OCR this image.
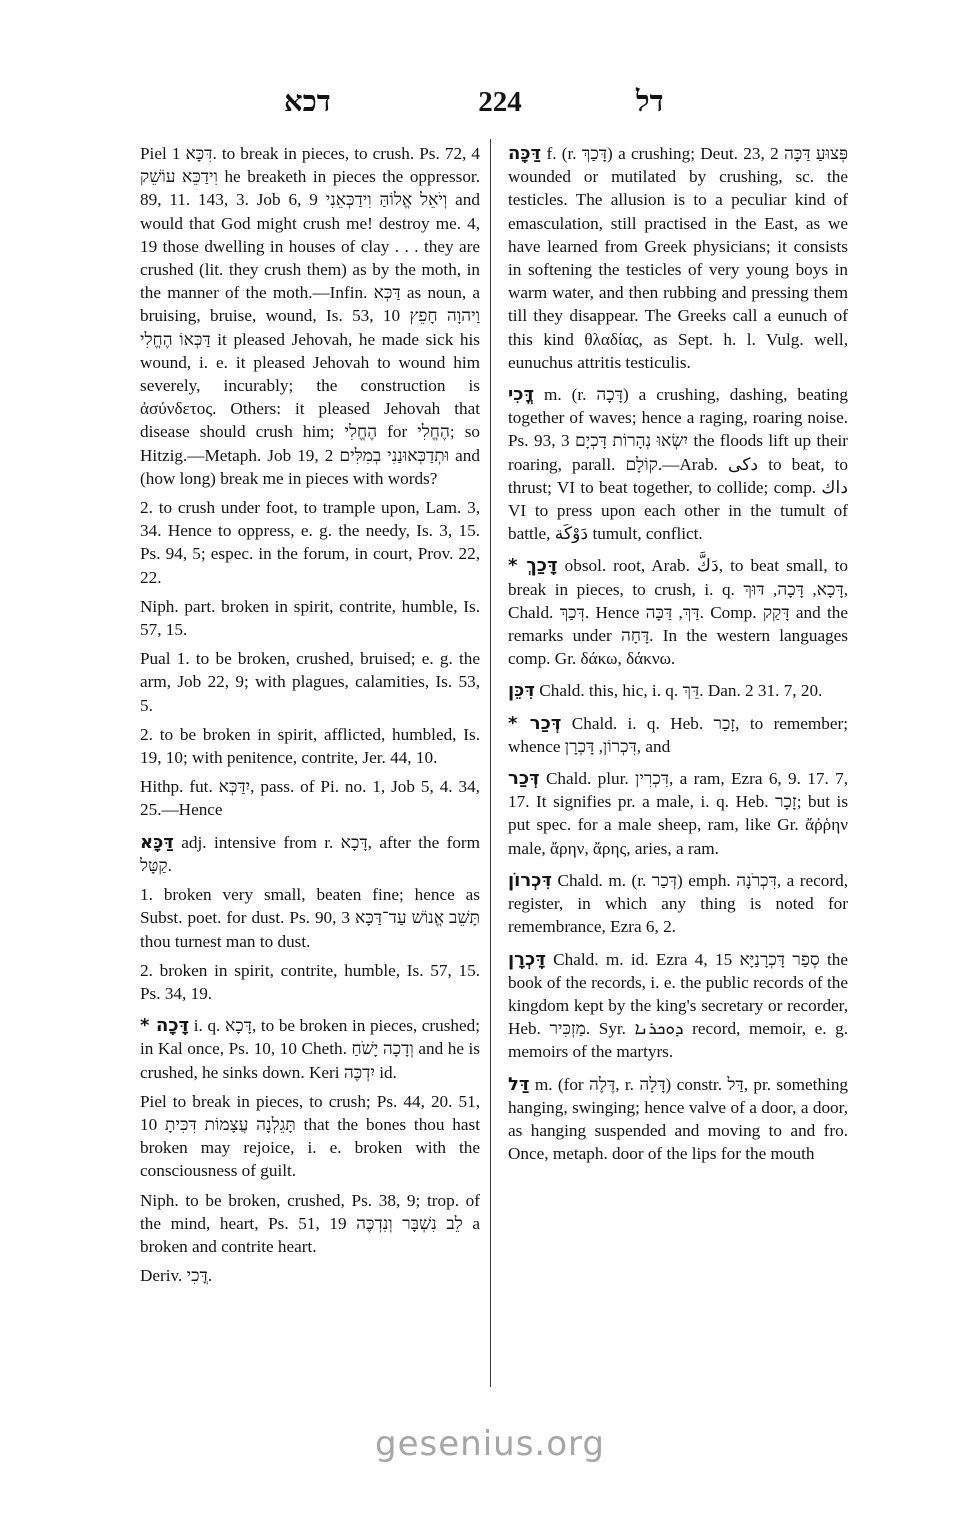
דכא	224	דל

Piel דִּכָּא 1. to break in pieces, to crush. Ps. 72, 4 וִידַכֵּא עוֹשֵׁק he breaketh in pieces the oppressor. 89, 11. 143, 3. Job 6, 9 וְיֹאֵל אֱלוֹהַּ וִידַכְּאֵנִי and would that God might crush me! destroy me. 4, 19 those dwelling in houses of clay . . . they are crushed (lit. they crush them) as by the moth, in the manner of the moth.—Infin. דַּכְּא as noun, a bruising, bruise, wound, Is. 53, 10 וַיהוָה חָפֵץ דַּכְּאוֹ הֶחֱלִי it pleased Jehovah, he made sick his wound, i. e. it pleased Jehovah to wound him severely, incurably; the construction is ἀσύνδετος. Others: it pleased Jehovah that disease should crush him; הֶחֱלִי for הֶחֱלִי; so Hitzig.—Metaph. Job 19, 2 וּתְדַכְּאוּנַנִי בְמִלִּים and (how long) break me in pieces with words?

2. to crush under foot, to trample upon, Lam. 3, 34. Hence to oppress, e. g. the needy, Is. 3, 15. Ps. 94, 5; espec. in the forum, in court, Prov. 22, 22.

Niph. part. broken in spirit, contrite, humble, Is. 57, 15.

Pual 1. to be broken, crushed, bruised; e. g. the arm, Job 22, 9; with plagues, calamities, Is. 53, 5.

2. to be broken in spirit, afflicted, humbled, Is. 19, 10; with penitence, contrite, Jer. 44, 10.

Hithp. fut. יִדַּכְּא, pass. of Pi. no. 1, Job 5, 4. 34, 25.—Hence

דַּכָּא adj. intensive from r. דָּכָא, after the form קַטָּל.

1. broken very small, beaten fine; hence as Subst. poet. for dust. Ps. 90, 3 תָּשֵׁב אֱנוֹשׁ עַד־דַּכָּא thou turnest man to dust.

2. broken in spirit, contrite, humble, Is. 57, 15. Ps. 34, 19.

* דָּכָה i. q. דָּכָא, to be broken in pieces, crushed; in Kal once, Ps. 10, 10 Cheth. וְדָכָה יָשֹׁחַ and he is crushed, he sinks down. Keri יִדְכֶּה id.

Piel to break in pieces, to crush; Ps. 44, 20. 51, 10 תָּגֵלְנָה עֲצָמוֹת דִּכִּיתָ that the bones thou hast broken may rejoice, i. e. broken with the consciousness of guilt.

Niph. to be broken, crushed, Ps. 38, 9; trop. of the mind, heart, Ps. 51, 19 לֵב נִשְׁבָּר וְנִדְכֶּה a broken and contrite heart.

Deriv. דֳּכִי.

דַּכָּה f. (r. דָּכַךְ) a crushing; Deut. 23, 2 פְּצוּעַ דַּכָּה wounded or mutilated by crushing, sc. the testicles. The allusion is to a peculiar kind of emasculation, still practised in the East, as we have learned from Greek physicians; it consists in softening the testicles of very young boys in warm water, and then rubbing and pressing them till they disappear. The Greeks call a eunuch of this kind θλαδίας, as Sept. h. l. Vulg. well, eunuchus attritis testiculis.

דֳּכִי m. (r. דָּכָה) a crushing, dashing, beating together of waves; hence a raging, roaring noise. Ps. 93, 3 יִשְׂאוּ נְהָרוֹת דָּכְיָם the floods lift up their roaring, parall. קוֹלָם.—Arab. دكى to beat, to thrust; VI to beat together, to collide; comp. داك VI to press upon each other in the tumult of battle, دَوْكَة tumult, conflict.

* דָּכַךְ obsol. root, Arab. دَكَّ, to beat small, to break in pieces, to crush, i. q. דָּכָא, דָּכָה, דּוּךְ, Chald. דְּכַךְ. Hence דַּךְ, דַּכָּה. Comp. דָּקַק and the remarks under דָּחָה. In the western languages comp. Gr. δάκω, δάκνω.

דִּכֵּן Chald. this, hic, i. q. דֵּךְ. Dan. 2 31. 7, 20.

* דְּכַר Chald. i. q. Heb. זָכַר, to remember; whence דִּכְרוֹן, דָּכְרָן, and

דְּכַר Chald. plur. דִּכְרִין, a ram, Ezra 6, 9. 17. 7, 17. It signifies pr. a male, i. q. Heb. זָכָר; but is put spec. for a male sheep, ram, like Gr. ἄῤῥην male, ἄρην, ἄρης, aries, a ram.

דִּכְרוֹן Chald. m. (r. דְּכַר) emph. דִּכְרֹנָה, a record, register, in which any thing is noted for remembrance, Ezra 6, 2.

דָּכְרָן Chald. m. id. Ezra 4, 15 סְפַר דָּכְרָנַיָּא the book of the records, i. e. the public records of the kingdom kept by the king's secretary or recorder, Heb. מַזְכִּיר. Syr. ܕܘܟܪܢܐ record, memoir, e. g. memoirs of the martyrs.

דַּל m. (for דֶּלֶה, r. דָּלָה) constr. דַּל, pr. something hanging, swinging; hence valve of a door, a door, as hanging suspended and moving to and fro. Once, metaph. door of the lips for the mouth

gesenius.org
